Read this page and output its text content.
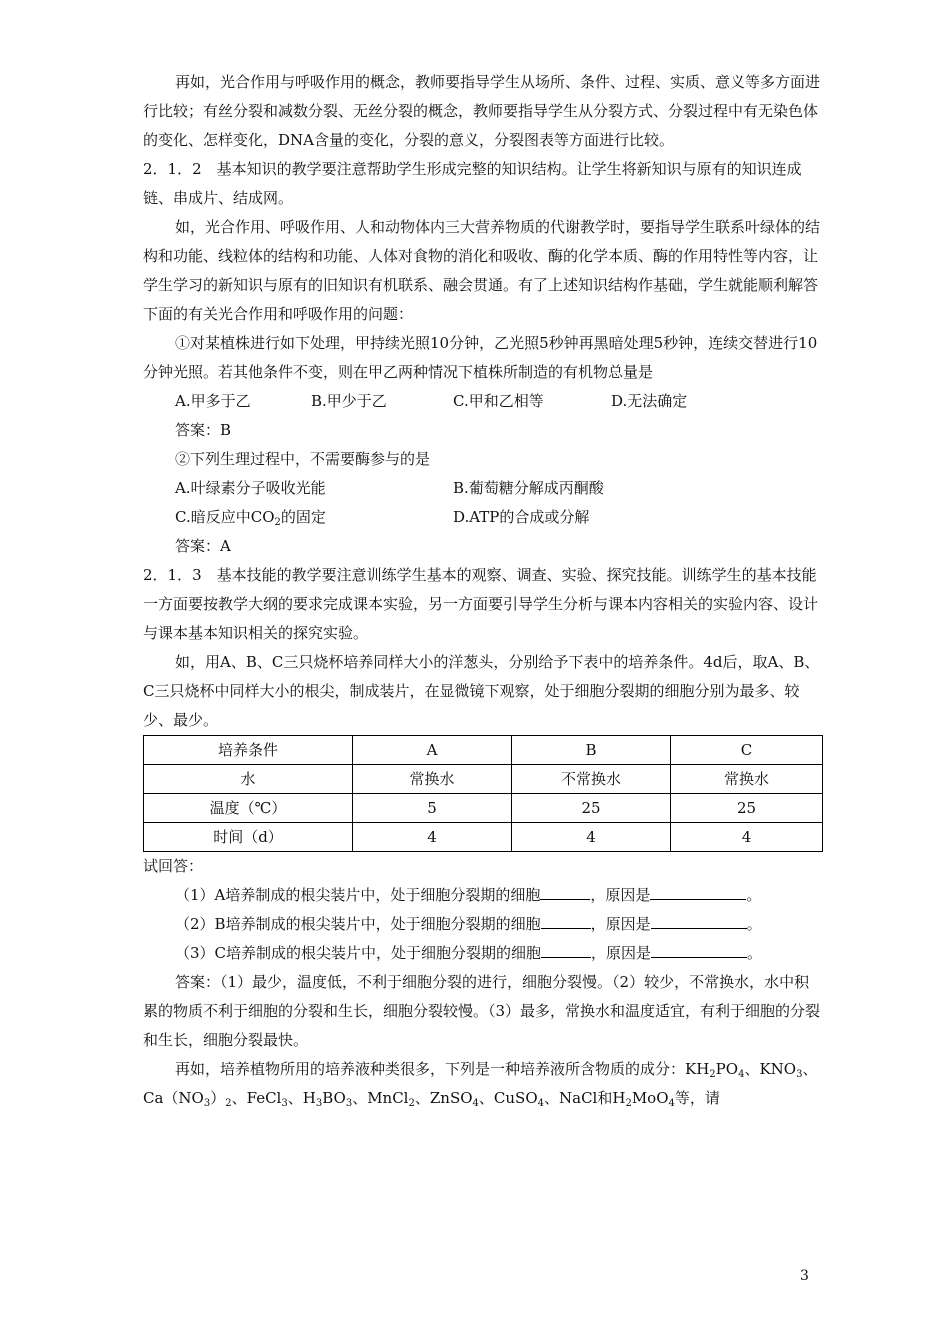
再如，光合作用与呼吸作用的概念，教师要指导学生从场所、条件、过程、实质、意义等多方面进行比较；有丝分裂和减数分裂、无丝分裂的概念，教师要指导学生从分裂方式、分裂过程中有无染色体的变化、怎样变化，DNA含量的变化，分裂的意义，分裂图表等方面进行比较。

2．1．2　基本知识的教学要注意帮助学生形成完整的知识结构。让学生将新知识与原有的知识连成链、串成片、结成网。

如，光合作用、呼吸作用、人和动物体内三大营养物质的代谢教学时，要指导学生联系叶绿体的结构和功能、线粒体的结构和功能、人体对食物的消化和吸收、酶的化学本质、酶的作用特性等内容，让学生学习的新知识与原有的旧知识有机联系、融会贯通。有了上述知识结构作基础，学生就能顺利解答下面的有关光合作用和呼吸作用的问题：

①对某植株进行如下处理，甲持续光照10分钟，乙光照5秒钟再黑暗处理5秒钟，连续交替进行10分钟光照。若其他条件不变，则在甲乙两种情况下植株所制造的有机物总量是

A.甲多于乙	B.甲少于乙	C.甲和乙相等	D.无法确定

答案：B

②下列生理过程中，不需要酶参与的是

A.叶绿素分子吸收光能	B.葡萄糖分解成丙酮酸
C.暗反应中$CO_2$的固定	D.ATP的合成或分解

答案：A

2．1．3　基本技能的教学要注意训练学生基本的观察、调查、实验、探究技能。训练学生的基本技能一方面要按教学大纲的要求完成课本实验，另一方面要引导学生分析与课本内容相关的实验内容、设计与课本基本知识相关的探究实验。

如，用A、B、C三只烧杯培养同样大小的洋葱头，分别给予下表中的培养条件。4d后，取A、B、C三只烧杯中同样大小的根尖，制成装片，在显微镜下观察，处于细胞分裂期的细胞分别为最多、较少、最少。

培养条件	A	B	C
水	常换水	不常换水	常换水
温度（℃）	5	25	25
时间（d）	4	4	4

试回答：

（1）A培养制成的根尖装片中，处于细胞分裂期的细胞	，原因是	。

（2）B培养制成的根尖装片中，处于细胞分裂期的细胞	，原因是	。

（3）C培养制成的根尖装片中，处于细胞分裂期的细胞	，原因是	。

答案：（1）最少，温度低，不利于细胞分裂的进行，细胞分裂慢。（2）较少，不常换水，水中积累的物质不利于细胞的分裂和生长，细胞分裂较慢。（3）最多，常换水和温度适宜，有利于细胞的分裂和生长，细胞分裂最快。

再如，培养植物所用的培养液种类很多，下列是一种培养液所含物质的成分：$KH_2PO_4$、$KNO_3$、$Ca(NO_3)_2$、FeCl$_3$、$H_3BO_3$、MnCl$_2$、ZnSO$_4$、CuSO$_4$、NaCl和$H_2MoO_4$等，请

3
